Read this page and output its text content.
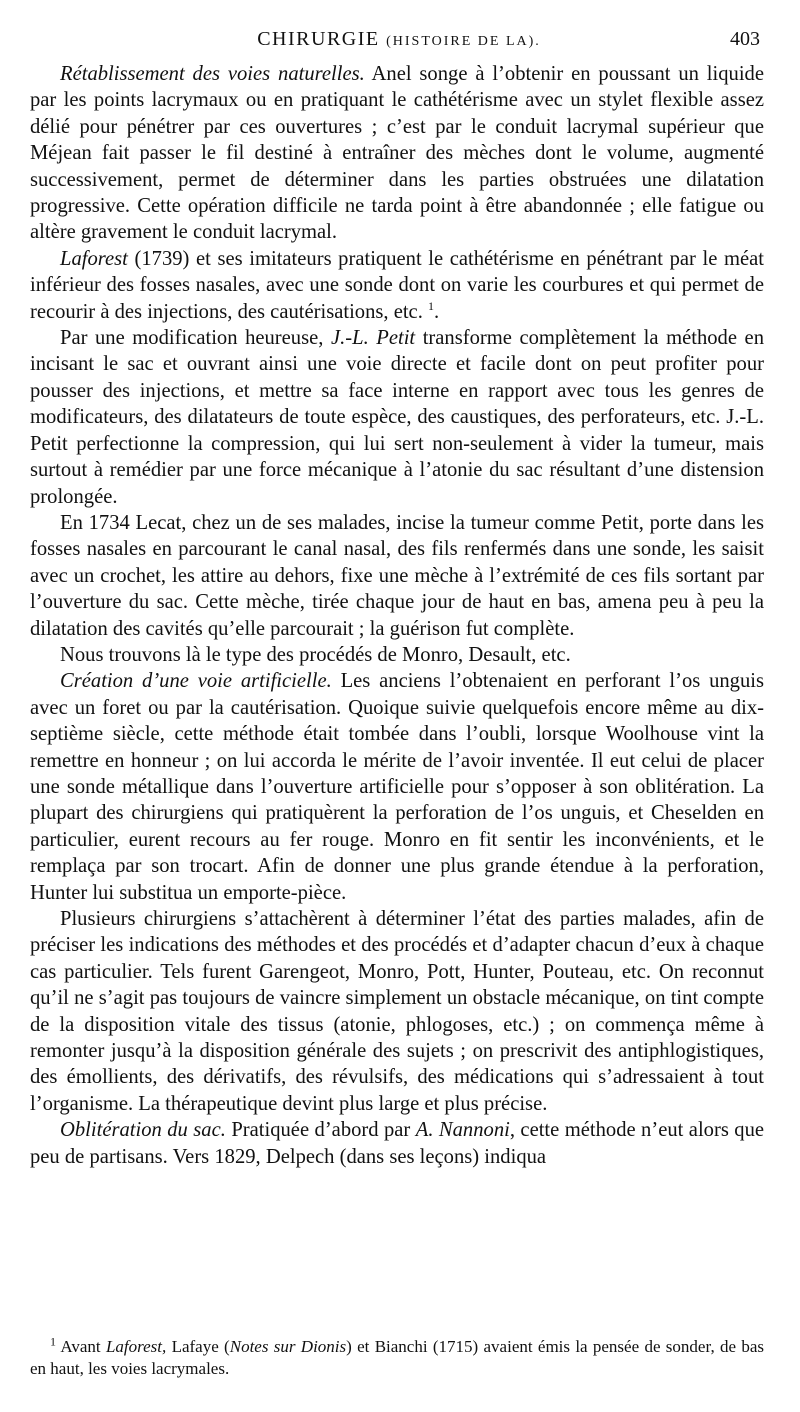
CHIRURGIE (HISTOIRE DE LA).	403

Rétablissement des voies naturelles. Anel songe à l’obtenir en poussant un liquide par les points lacrymaux ou en pratiquant le cathétérisme avec un stylet flexible assez délié pour pénétrer par ces ouvertures ; c’est par le conduit lacrymal supérieur que Méjean fait passer le fil destiné à entraîner des mèches dont le volume, augmenté successivement, permet de déterminer dans les parties obstruées une dilatation progressive. Cette opération difficile ne tarda point à être abandonnée ; elle fatigue ou altère gravement le conduit lacrymal.

Laforest (1739) et ses imitateurs pratiquent le cathétérisme en pénétrant par le méat inférieur des fosses nasales, avec une sonde dont on varie les courbures et qui permet de recourir à des injections, des cautérisations, etc. $^1$.

Par une modification heureuse, J.-L. Petit transforme complètement la méthode en incisant le sac et ouvrant ainsi une voie directe et facile dont on peut profiter pour pousser des injections, et mettre sa face interne en rapport avec tous les genres de modificateurs, des dilatateurs de toute espèce, des caustiques, des perforateurs, etc. J.-L. Petit perfectionne la compression, qui lui sert non-seulement à vider la tumeur, mais surtout à remédier par une force mécanique à l’atonie du sac résultant d’une distension prolongée.

En 1734 Lecat, chez un de ses malades, incise la tumeur comme Petit, porte dans les fosses nasales en parcourant le canal nasal, des fils renfermés dans une sonde, les saisit avec un crochet, les attire au dehors, fixe une mèche à l’extrémité de ces fils sortant par l’ouverture du sac. Cette mèche, tirée chaque jour de haut en bas, amena peu à peu la dilatation des cavités qu’elle parcourait ; la guérison fut complète.

Nous trouvons là le type des procédés de Monro, Desault, etc.

Création d’une voie artificielle. Les anciens l’obtenaient en perforant l’os unguis avec un foret ou par la cautérisation. Quoique suivie quelquefois encore même au dix-septième siècle, cette méthode était tombée dans l’oubli, lorsque Woolhouse vint la remettre en honneur ; on lui accorda le mérite de l’avoir inventée. Il eut celui de placer une sonde métallique dans l’ouverture artificielle pour s’opposer à son oblitération. La plupart des chirurgiens qui pratiquèrent la perforation de l’os unguis, et Cheselden en particulier, eurent recours au fer rouge. Monro en fit sentir les inconvénients, et le remplaça par son trocart. Afin de donner une plus grande étendue à la perforation, Hunter lui substitua un emporte-pièce.

Plusieurs chirurgiens s’attachèrent à déterminer l’état des parties malades, afin de préciser les indications des méthodes et des procédés et d’adapter chacun d’eux à chaque cas particulier. Tels furent Garengeot, Monro, Pott, Hunter, Pouteau, etc. On reconnut qu’il ne s’agit pas toujours de vaincre simplement un obstacle mécanique, on tint compte de la disposition vitale des tissus (atonie, phlogoses, etc.) ; on commença même à remonter jusqu’à la disposition générale des sujets ; on prescrivit des antiphlogistiques, des émollients, des dérivatifs, des révulsifs, des médications qui s’adressaient à tout l’organisme. La thérapeutique devint plus large et plus précise.

Oblitération du sac. Pratiquée d’abord par A. Nannoni, cette méthode n’eut alors que peu de partisans. Vers 1829, Delpech (dans ses leçons) indiqua

$^1$ Avant Laforest, Lafaye (Notes sur Dionis) et Bianchi (1715) avaient émis la pensée de sonder, de bas en haut, les voies lacrymales.
